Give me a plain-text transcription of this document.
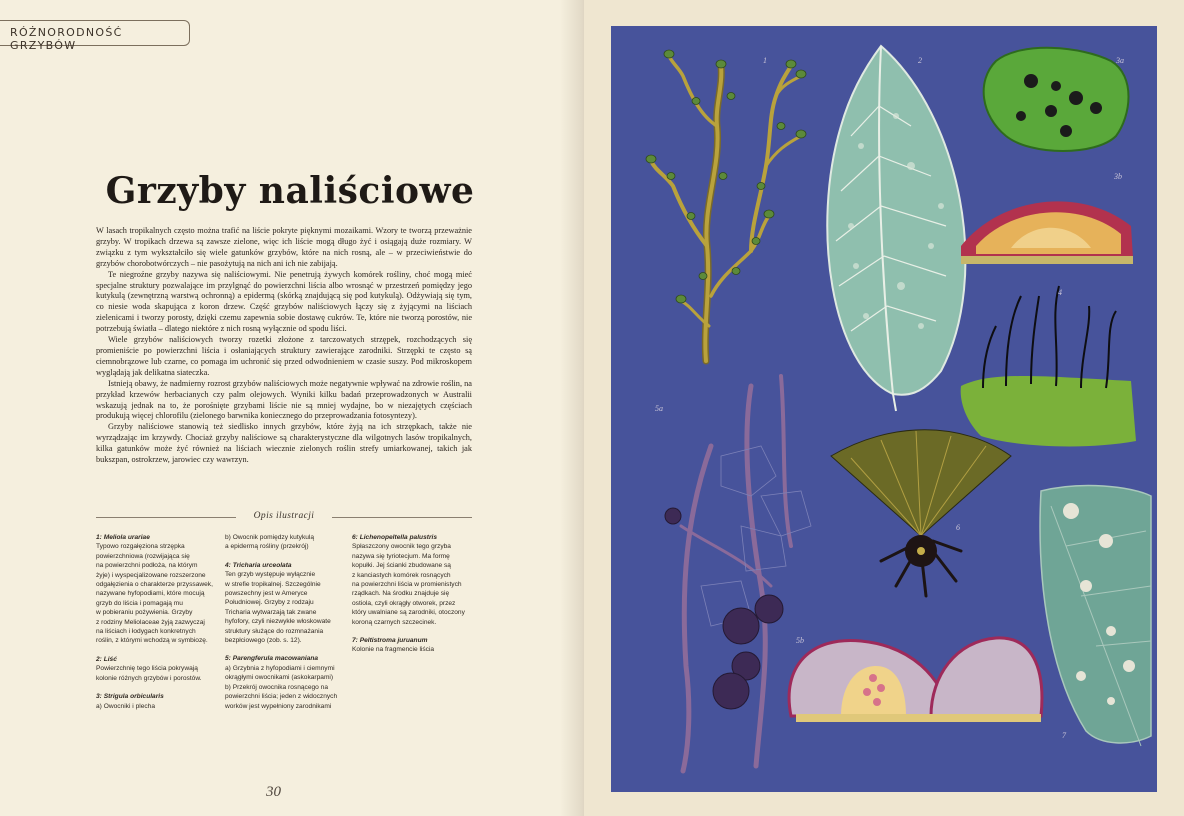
RÓŻNORODNOŚĆ GRZYBÓW
Grzyby naliściowe

W lasach tropikalnych często można trafić na liście pokryte pięknymi mozaikami. Wzory te tworzą przeważnie grzyby. W tropikach drzewa są zawsze zielone, więc ich liście mogą długo żyć i osiągają duże rozmiary. W związku z tym wykształciło się wiele gatunków grzybów, które na nich rosną, ale – w przeciwieństwie do grzybów chorobotwórczych – nie pasożytują na nich ani ich nie zabijają.

Te niegroźne grzyby nazywa się naliściowymi. Nie penetrują żywych komórek rośliny, choć mogą mieć specjalne struktury pozwalające im przylgnąć do powierzchni liścia albo wrosnąć w przestrzeń pomiędzy jego kutykulą (zewnętrzną warstwą ochronną) a epidermą (skórką znajdującą się pod kutykulą). Odżywiają się tym, co niesie woda skapująca z koron drzew. Część grzybów naliściowych łączy się z żyjącymi na liściach zielenicami i tworzy porosty, dzięki czemu zapewnia sobie dostawę cukrów. Te, które nie tworzą porostów, nie potrzebują światła – dlatego niektóre z nich rosną wyłącznie od spodu liści.

Wiele grzybów naliściowych tworzy rozetki złożone z tarczowatych strzępek, rozchodzących się promieniście po powierzchni liścia i osłaniających struktury zawierające zarodniki. Strzępki te często są ciemnobrązowe lub czarne, co pomaga im uchronić się przed odwodnieniem w czasie suszy. Pod mikroskopem wyglądają jak delikatna siateczka.

Istnieją obawy, że nadmierny rozrost grzybów naliściowych może negatywnie wpływać na zdrowie roślin, na przykład krzewów herbacianych czy palm olejowych. Wyniki kilku badań przeprowadzonych w Australii wskazują jednak na to, że porośnięte grzybami liście nie są mniej wydajne, bo w niezajętych częściach produkują więcej chlorofilu (zielonego barwnika koniecznego do przeprowadzania fotosyntezy).

Grzyby naliściowe stanowią też siedlisko innych grzybów, które żyją na ich strzępkach, także nie wyrządzając im krzywdy. Chociaż grzyby naliściowe są charakterystyczne dla wilgotnych lasów tropikalnych, kilka gatunków może żyć również na liściach wiecznie zielonych roślin strefy umiarkowanej, takich jak bukszpan, ostrokrzew, jarowiec czy wawrzyn.

Opis ilustracji
1: Meliola urariae
Typowo rozgałęziona strzępka
powierzchniowa (rozwijająca się
na powierzchni podłoża, na którym
żyje) i wyspecjalizowane rozszerzone
odgałęzienia o charakterze przyssawek,
nazywane hyfopodiami, które mocują
grzyb do liścia i pomagają mu
w pobieraniu pożywienia. Grzyby
z rodziny Meliolaceae żyją zazwyczaj
na liściach i łodygach konkretnych
roślin, z którymi wchodzą w symbiozę.
2: Liść
Powierzchnię tego liścia pokrywają
kolonie różnych grzybów i porostów.
3: Strigula orbicularis
a) Owocniki i plecha
b) Owocnik pomiędzy kutykulą
a epidermą rośliny (przekrój)
4: Tricharia urceolata
Ten grzyb występuje wyłącznie
w strefie tropikalnej. Szczególnie
powszechny jest w Ameryce
Południowej. Grzyby z rodzaju
Tricharia wytwarzają tak zwane
hyfofory, czyli niezwykłe włoskowate
struktury służące do rozmnażania
bezpłciowego (zob. s. 12).
5: Parengferula macowaniana
a) Grzybnia z hyfopodiami i ciemnymi
okrągłymi owocnikami (askokarpami)
b) Przekrój owocnika rosnącego na
powierzchni liścia; jeden z widocznych
worków jest wypełniony zarodnikami
6: Lichenopeltella palustris
Spłaszczony owocnik tego grzyba
nazywa się tyriotecjum. Ma formę
kopułki. Jej ścianki zbudowane są
z kanciastych komórek rosnących
na powierzchni liścia w promienistych
rządkach. Na środku znajduje się
ostiola, czyli okrągły otworek, przez
który uwalniane są zarodniki, otoczony
koroną czarnych szczecinek.
7: Peltistroma juruanum
Kolonie na fragmencie liścia
30
1	2	3a
3b
4
5a
5b
6
7
